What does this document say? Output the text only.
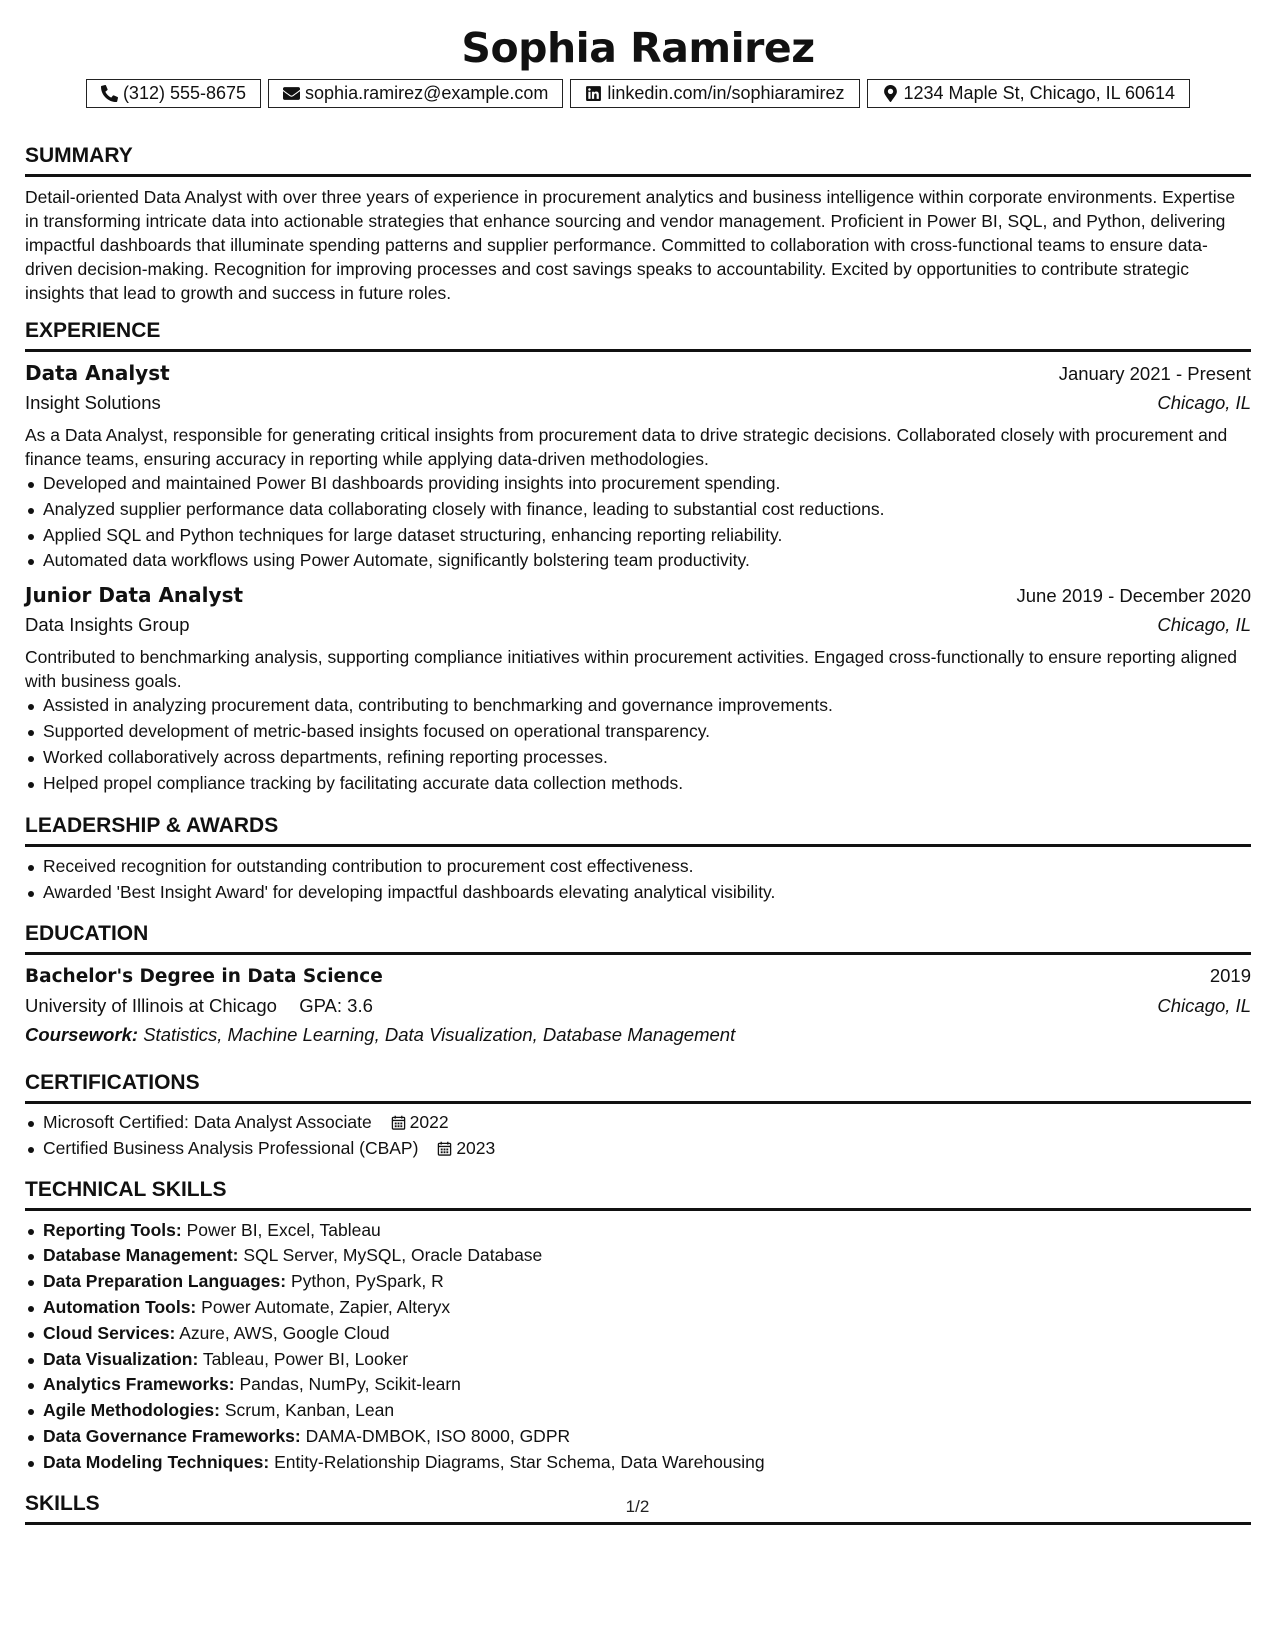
Sophia Ramirez
(312) 555-8675	sophia.ramirez@example.com	linkedin.com/in/sophiaramirez	1234 Maple St, Chicago, IL 60614
SUMMARY
Detail-oriented Data Analyst with over three years of experience in procurement analytics and business intelligence within corporate environments. Expertise in transforming intricate data into actionable strategies that enhance sourcing and vendor management. Proficient in Power BI, SQL, and Python, delivering impactful dashboards that illuminate spending patterns and supplier performance. Committed to collaboration with cross-functional teams to ensure data-driven decision-making. Recognition for improving processes and cost savings speaks to accountability. Excited by opportunities to contribute strategic insights that lead to growth and success in future roles.
EXPERIENCE
Data Analyst	January 2021 - Present
Insight Solutions	Chicago, IL
As a Data Analyst, responsible for generating critical insights from procurement data to drive strategic decisions. Collaborated closely with procurement and finance teams, ensuring accuracy in reporting while applying data-driven methodologies.
Developed and maintained Power BI dashboards providing insights into procurement spending.
Analyzed supplier performance data collaborating closely with finance, leading to substantial cost reductions.
Applied SQL and Python techniques for large dataset structuring, enhancing reporting reliability.
Automated data workflows using Power Automate, significantly bolstering team productivity.
Junior Data Analyst	June 2019 - December 2020
Data Insights Group	Chicago, IL
Contributed to benchmarking analysis, supporting compliance initiatives within procurement activities. Engaged cross-functionally to ensure reporting aligned with business goals.
Assisted in analyzing procurement data, contributing to benchmarking and governance improvements.
Supported development of metric-based insights focused on operational transparency.
Worked collaboratively across departments, refining reporting processes.
Helped propel compliance tracking by facilitating accurate data collection methods.
LEADERSHIP & AWARDS
Received recognition for outstanding contribution to procurement cost effectiveness.
Awarded 'Best Insight Award' for developing impactful dashboards elevating analytical visibility.
EDUCATION
Bachelor's Degree in Data Science	2019
University of Illinois at Chicago GPA: 3.6	Chicago, IL
Coursework: Statistics, Machine Learning, Data Visualization, Database Management
CERTIFICATIONS
Microsoft Certified: Data Analyst Associate 2022
Certified Business Analysis Professional (CBAP) 2023
TECHNICAL SKILLS
Reporting Tools: Power BI, Excel, Tableau
Database Management: SQL Server, MySQL, Oracle Database
Data Preparation Languages: Python, PySpark, R
Automation Tools: Power Automate, Zapier, Alteryx
Cloud Services: Azure, AWS, Google Cloud
Data Visualization: Tableau, Power BI, Looker
Analytics Frameworks: Pandas, NumPy, Scikit-learn
Agile Methodologies: Scrum, Kanban, Lean
Data Governance Frameworks: DAMA-DMBOK, ISO 8000, GDPR
Data Modeling Techniques: Entity-Relationship Diagrams, Star Schema, Data Warehousing
SKILLS	1/2
